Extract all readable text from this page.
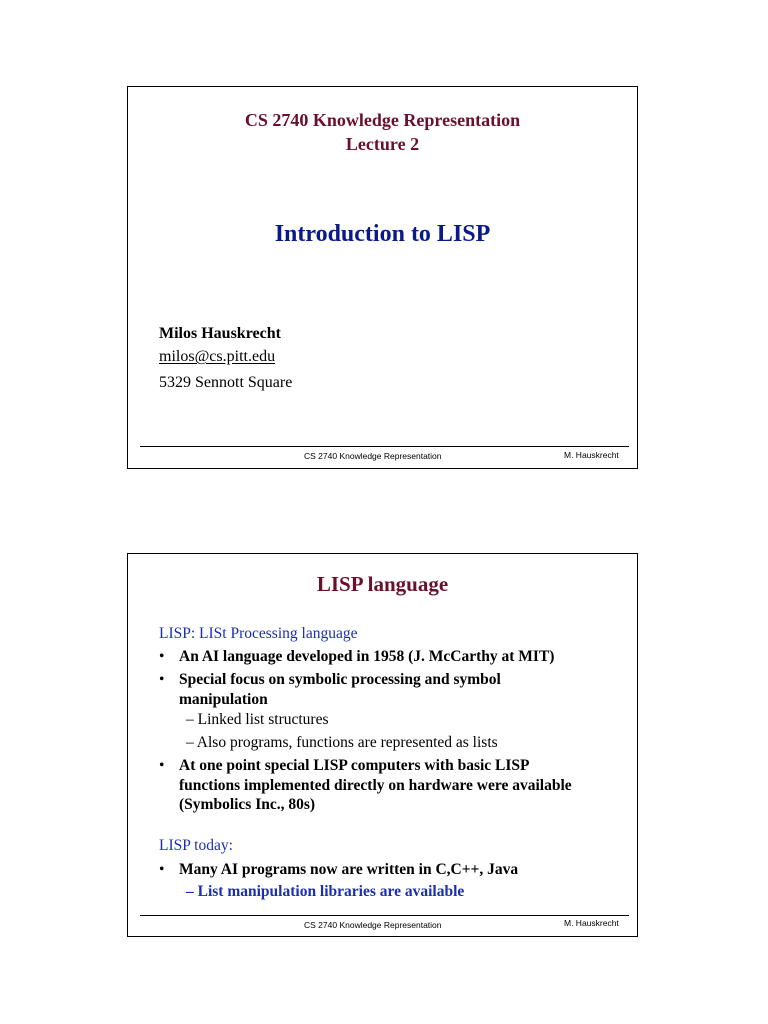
CS 2740 Knowledge Representation
Lecture 2
Introduction to LISP
Milos Hauskrecht
milos@cs.pitt.edu
5329 Sennott Square
CS 2740 Knowledge Representation	M. Hauskrecht
LISP language
LISP: LISt Processing language
• An AI language developed in 1958 (J. McCarthy at MIT)
• Special focus on symbolic processing and symbol manipulation
– Linked list structures
– Also programs, functions are represented as lists
• At one point special LISP computers with basic LISP functions implemented directly on hardware were available (Symbolics Inc., 80s)
LISP today:
• Many AI programs now are written in C,C++, Java
– List manipulation libraries are available
CS 2740 Knowledge Representation	M. Hauskrecht
